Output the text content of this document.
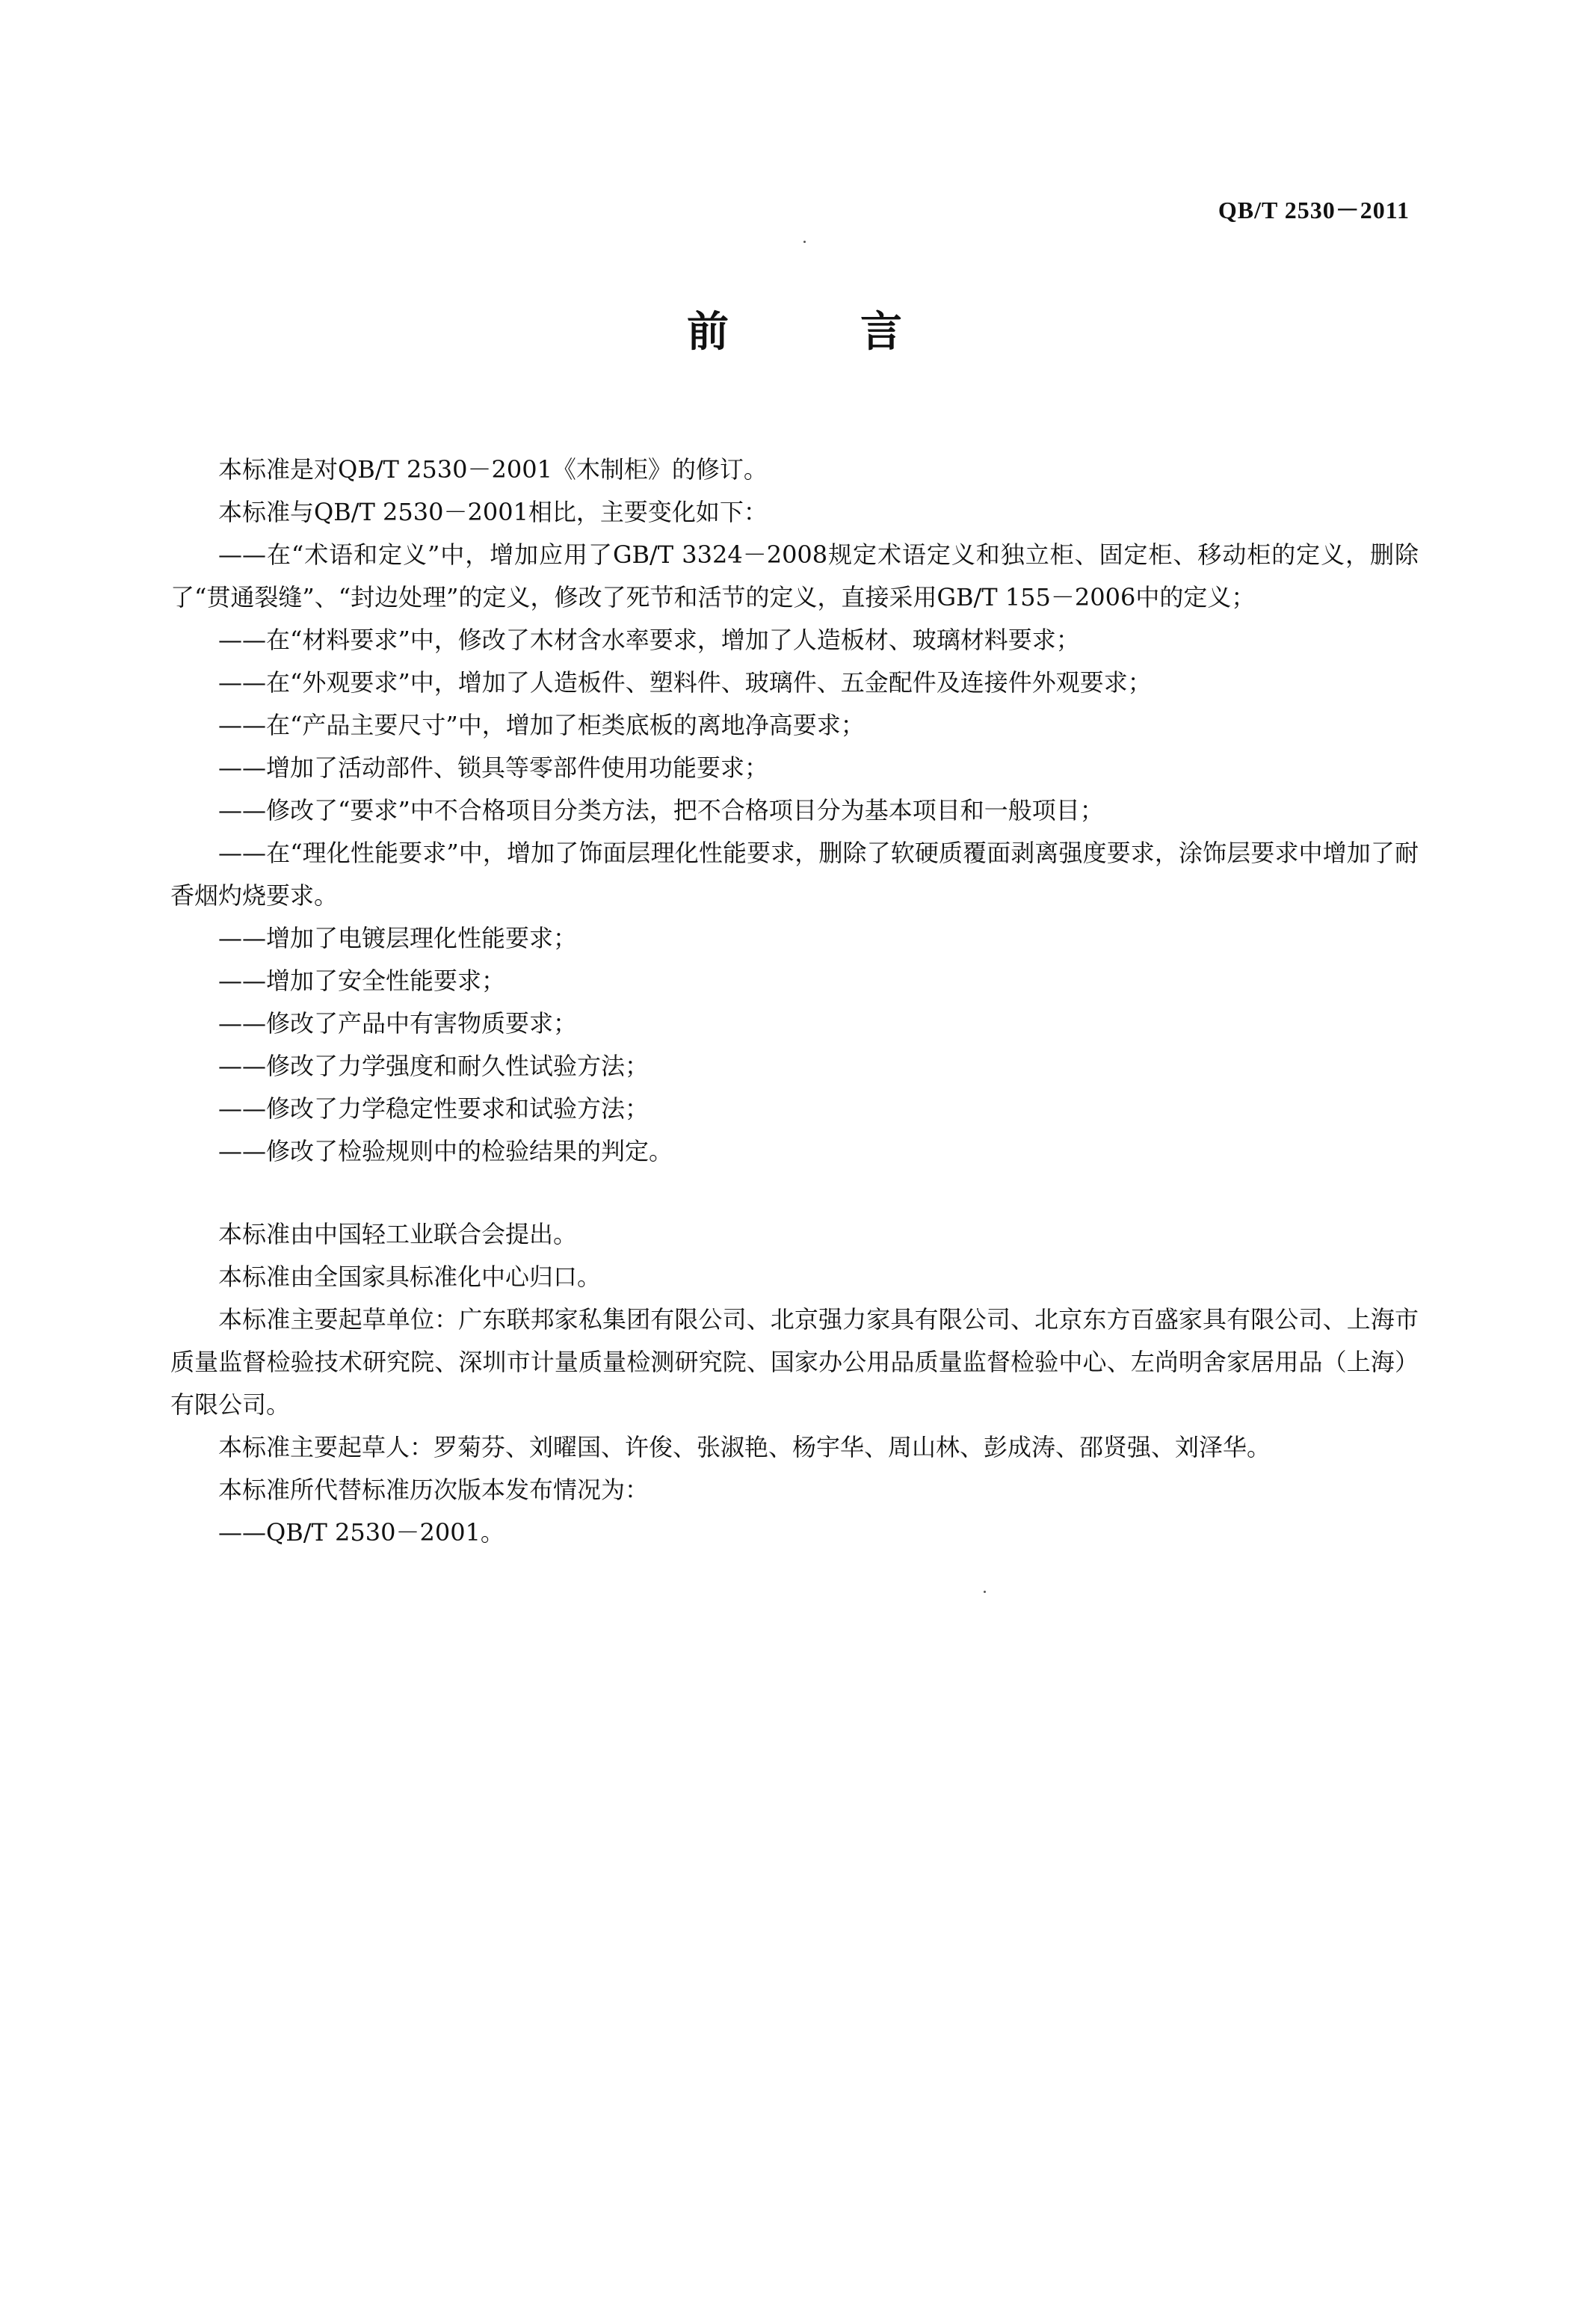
QB/T 2530－2011
前　言

本标准是对QB/T 2530－2001《木制柜》的修订。

本标准与QB/T 2530－2001相比，主要变化如下：

——在“术语和定义”中，增加应用了GB/T 3324－2008规定术语定义和独立柜、固定柜、移动柜的定义，删除了“贯通裂缝”、“封边处理”的定义，修改了死节和活节的定义，直接采用GB/T 155－2006中的定义；

——在“材料要求”中，修改了木材含水率要求，增加了人造板材、玻璃材料要求；

——在“外观要求”中，增加了人造板件、塑料件、玻璃件、五金配件及连接件外观要求；

——在“产品主要尺寸”中，增加了柜类底板的离地净高要求；

——增加了活动部件、锁具等零部件使用功能要求；

——修改了“要求”中不合格项目分类方法，把不合格项目分为基本项目和一般项目；

——在“理化性能要求”中，增加了饰面层理化性能要求，删除了软硬质覆面剥离强度要求，涂饰层要求中增加了耐香烟灼烧要求。

——增加了电镀层理化性能要求；

——增加了安全性能要求；

——修改了产品中有害物质要求；

——修改了力学强度和耐久性试验方法；

——修改了力学稳定性要求和试验方法；

——修改了检验规则中的检验结果的判定。

本标准由中国轻工业联合会提出。

本标准由全国家具标准化中心归口。

本标准主要起草单位：广东联邦家私集团有限公司、北京强力家具有限公司、北京东方百盛家具有限公司、上海市质量监督检验技术研究院、深圳市计量质量检测研究院、国家办公用品质量监督检验中心、左尚明舍家居用品（上海）有限公司。

本标准主要起草人：罗菊芬、刘曜国、许俊、张淑艳、杨宇华、周山林、彭成涛、邵贤强、刘泽华。

本标准所代替标准历次版本发布情况为：

——QB/T 2530－2001。
